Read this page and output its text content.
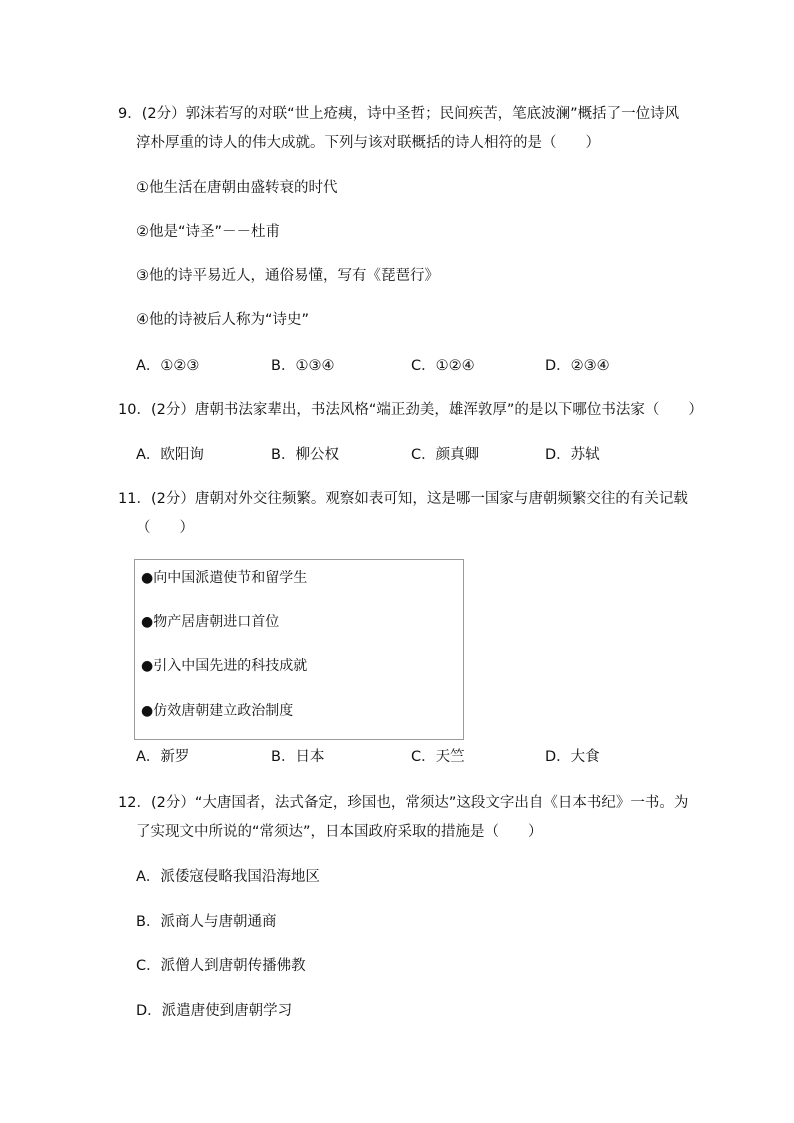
9．(2分）郭沫若写的对联“世上疮痍，诗中圣哲；民间疾苦，笔底波澜”概括了一位诗风
淳朴厚重的诗人的伟大成就。下列与该对联概括的诗人相符的是（　　）
①他生活在唐朝由盛转衰的时代
②他是“诗圣”－－杜甫
③他的诗平易近人，通俗易懂，写有《琵琶行》
④他的诗被后人称为“诗史”
A．①②③	B．①③④	C．①②④	D．②③④
10．(2分）唐朝书法家辈出，书法风格“端正劲美，雄浑敦厚”的是以下哪位书法家（　　）
A．欧阳询	B．柳公权	C．颜真卿	D．苏轼
11．(2分）唐朝对外交往频繁。观察如表可知，这是哪一国家与唐朝频繁交往的有关记载
（　　）
●向中国派遣使节和留学生
●物产居唐朝进口首位
●引入中国先进的科技成就
●仿效唐朝建立政治制度
A．新罗	B．日本	C．天竺	D．大食
12．(2分）“大唐国者，法式备定，珍国也，常须达”这段文字出自《日本书纪》一书。为
了实现文中所说的“常须达”，日本国政府采取的措施是（　　）
A．派倭寇侵略我国沿海地区
B．派商人与唐朝通商
C．派僧人到唐朝传播佛教
D．派遣唐使到唐朝学习
